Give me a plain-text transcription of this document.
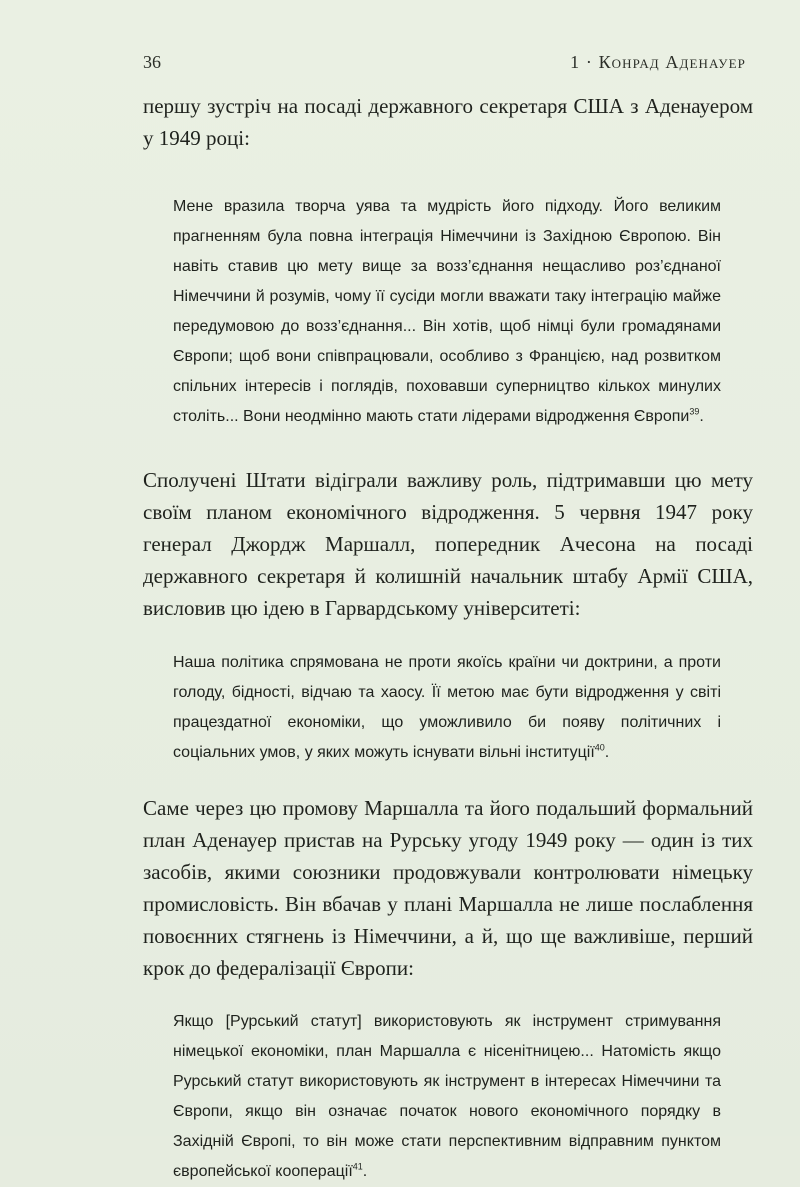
36	1 · Конрад Аденауер

першу зустріч на посаді державного секретаря США з Аденауером у 1949 році:

Мене вразила творча уява та мудрість його підходу. Його великим прагненням була повна інтеграція Німеччини із Західною Європою. Він навіть ставив цю мету вище за возз’єднання нещасливо роз’єднаної Німеччини й розумів, чому її сусіди могли вважати таку інтеграцію майже передумовою до возз’єднання... Він хотів, щоб німці були громадянами Європи; щоб вони співпрацювали, особливо з Францією, над розвитком спільних інтересів і поглядів, поховавши суперництво кількох минулих століть... Вони неодмінно мають стати лідерами відродження Європи$^{39}$.

Сполучені Штати відіграли важливу роль, підтримавши цю мету своїм планом економічного відродження. 5 червня 1947 року генерал Джордж Маршалл, попередник Ачесона на посаді державного секретаря й колишній начальник штабу Армії США, висловив цю ідею в Гарвардському університеті:

Наша політика спрямована не проти якоїсь країни чи доктрини, а проти голоду, бідності, відчаю та хаосу. Її метою має бути відродження у світі працездатної економіки, що уможливило би появу політичних і соціальних умов, у яких можуть існувати вільні інституції$^{40}$.

Саме через цю промову Маршалла та його подальший формальний план Аденауер пристав на Рурську угоду 1949 року — один із тих засобів, якими союзники продовжували контролювати німецьку промисловість. Він вбачав у плані Маршалла не лише послаблення повоєнних стягнень із Німеччини, а й, що ще важливіше, перший крок до федералізації Європи:

Якщо [Рурський статут] використовують як інструмент стримування німецької економіки, план Маршалла є нісенітницею... Натомість якщо Рурський статут використовують як інструмент в інтересах Німеччини та Європи, якщо він означає початок нового економічного порядку в Західній Європі, то він може стати перспективним відправним пунктом європейської кооперації$^{41}$.
